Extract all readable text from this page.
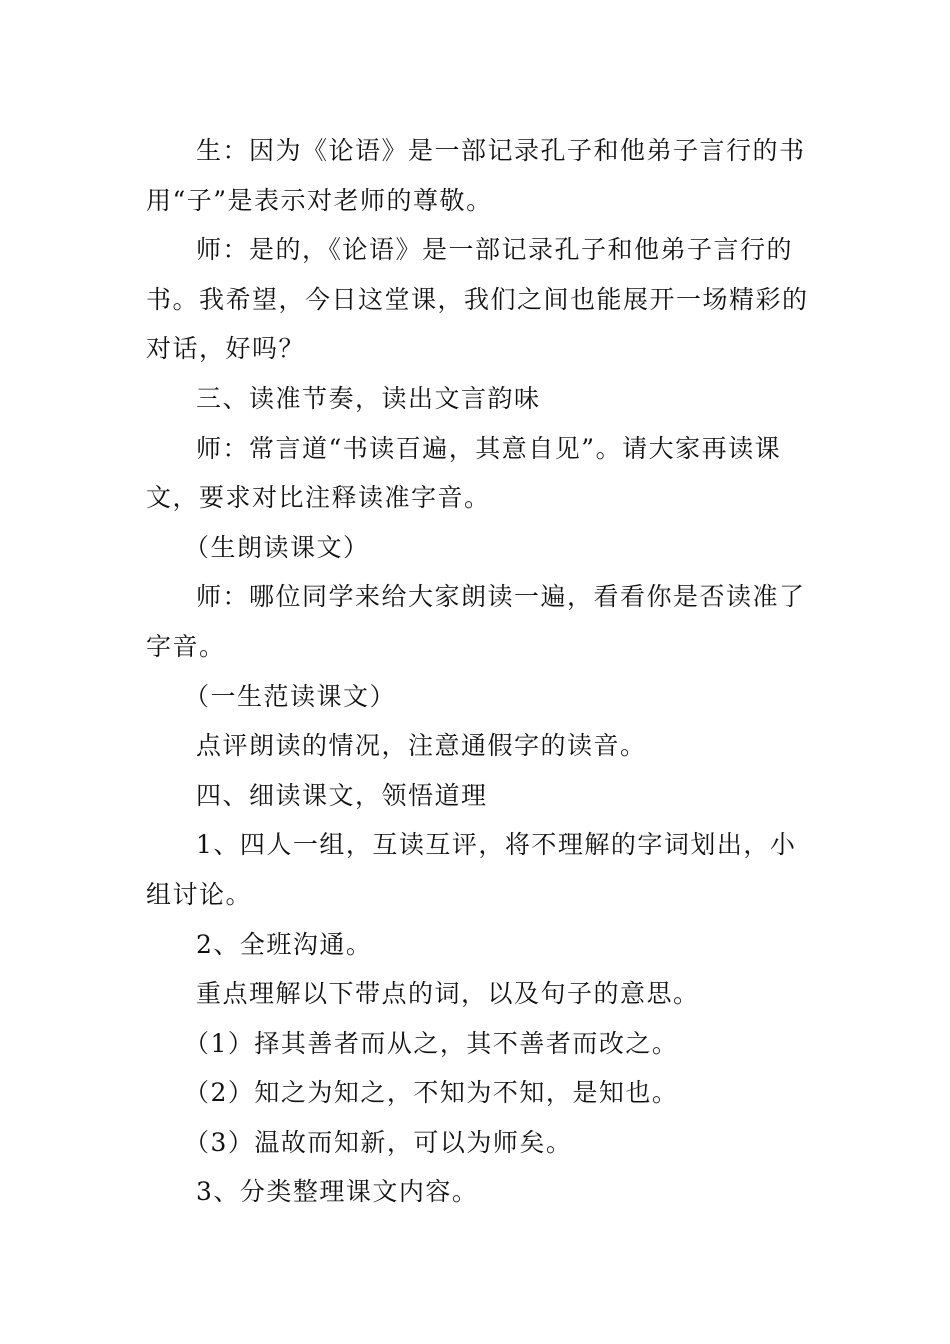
生：因为《论语》是一部记录孔子和他弟子言行的书用“子”是表示对老师的尊敬。

师：是的，《论语》是一部记录孔子和他弟子言行的书。我希望，今日这堂课，我们之间也能展开一场精彩的对话，好吗？

三、读准节奏，读出文言韵味

师：常言道“书读百遍，其意自见”。请大家再读课文，要求对比注释读准字音。

（生朗读课文）

师：哪位同学来给大家朗读一遍，看看你是否读准了字音。

（一生范读课文）

点评朗读的情况，注意通假字的读音。

四、细读课文，领悟道理

1、四人一组，互读互评，将不理解的字词划出，小组讨论。

2、全班沟通。

重点理解以下带点的词，以及句子的意思。

（1）择其善者而从之，其不善者而改之。

（2）知之为知之，不知为不知，是知也。

（3）温故而知新，可以为师矣。

3、分类整理课文内容。
